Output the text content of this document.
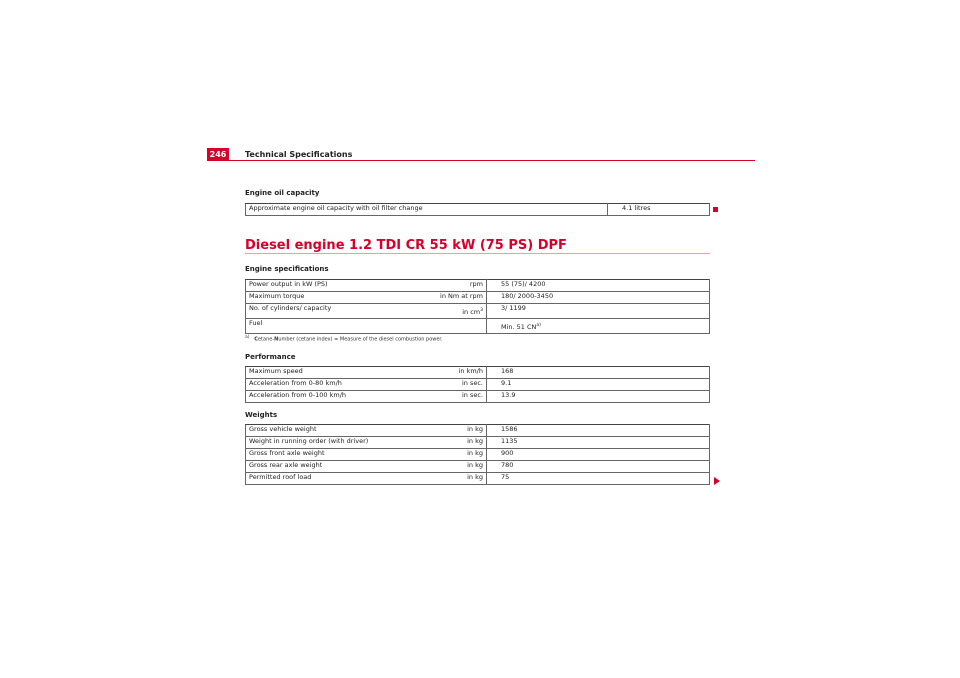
246	Technical Specifications
Engine oil capacity
Approximate engine oil capacity with oil filter change	4.1 litres
Diesel engine 1.2 TDI CR 55 kW (75 PS) DPF
Engine specifications
Power output in kW (PS)	rpm	55 (75)/ 4200
Maximum torque	in Nm at rpm	180/ 2000-3450
No. of cylinders/ capacity	in $cm^3$	3/ 1199
Fuel		Min. 51 CN$^{a)}$
$^{a)}$ Cetane-Number (cetane index) = Measure of the diesel combustion power.
Performance
Maximum speed	in km/h	168
Acceleration from 0-80 km/h	in sec.	9.1
Acceleration from 0-100 km/h	in sec.	13.9
Weights
Gross vehicle weight	in kg	1586
Weight in running order (with driver)	in kg	1135
Gross front axle weight	in kg	900
Gross rear axle weight	in kg	780
Permitted roof load	in kg	75
